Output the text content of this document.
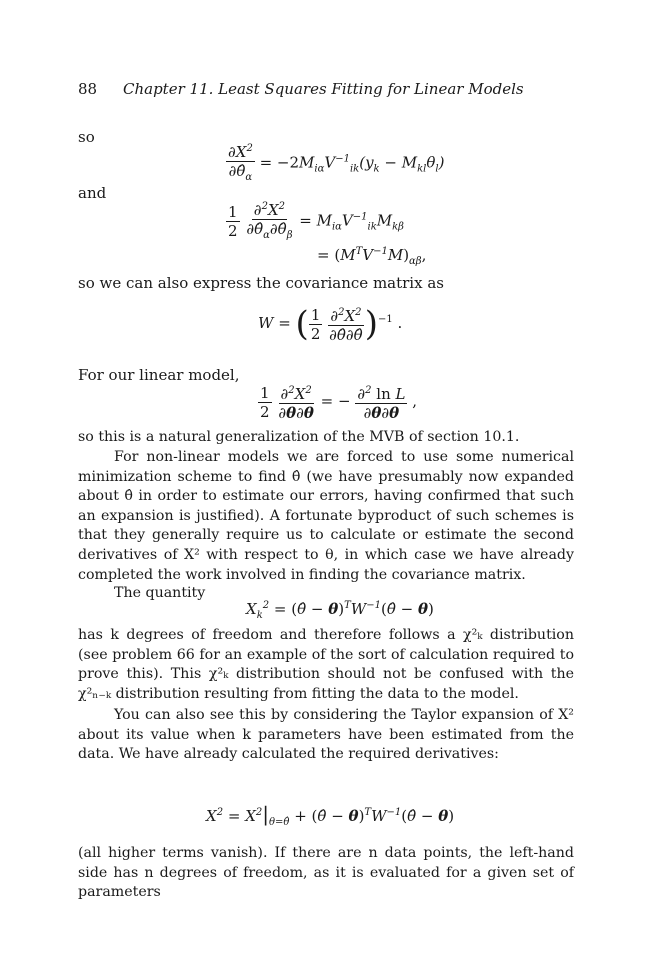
88 Chapter 11. Least Squares Fitting for Linear Models
so
$\frac{\partial X^2}{\partial\thetâ_\alpha} = -2M_{i\alpha}V^{-1}_{ik}(y_k - M_{kl}\theta_l)$
and
$\frac{1}{2}$
$\frac{\partial^2X^2}{\partial\thetâ_\alpha\partial\thetâ_\beta} = M_{i\alpha}V^{-1}_{ik}M_{k\beta}$
= $(M^TV^{-1}M)_{\alpha\beta}$,
so we can also express the covariance matrix as
W = ( $\frac{1}{2}$
$\frac{\partial^2X^2}{\partial\thetâ\partial\thetâ} )^{-1}$ .
For our linear model,
$\frac{1}{2}$
$\frac{\partial^2X^2}{\partial\theta\partial\theta}$ = − $\frac{\partial^2 \ln L}{\partial\theta\partial\theta}$ ,
so this is a natural generalization of the MVB of section 10.1.
For non-linear models we are forced to use some numerical minimization scheme to find θ̂ (we have presumably now expanded about θ̂ in order to estimate our errors, having confirmed that such an expansion is justified). A fortunate byproduct of such schemes is that they generally require us to calculate or estimate the second derivatives of X² with respect to θ, in which case we have already completed the work involved in finding the covariance matrix.
The quantity
$X_k^2$ = (θ̂ − $\theta)^TW^{-1}(\thetâ - \theta)$
has k degrees of freedom and therefore follows a χ²ₖ distribution (see problem 66 for an example of the sort of calculation required to prove this). This χ²ₖ distribution should not be confused with the χ²ₙ₋ₖ distribution resulting from fitting the data to the model.
You can also see this by considering the Taylor expansion of X² about its value when k parameters have been estimated from the data. We have already calculated the required derivatives:
$X^2 = X^2|_{\theta=\thetâ}$ + (θ̂ − $\theta)^TW^{-1}(\thetâ - \theta)$
(all higher terms vanish). If there are n data points, the left-hand side has n degrees of freedom, as it is evaluated for a given set of parameters
